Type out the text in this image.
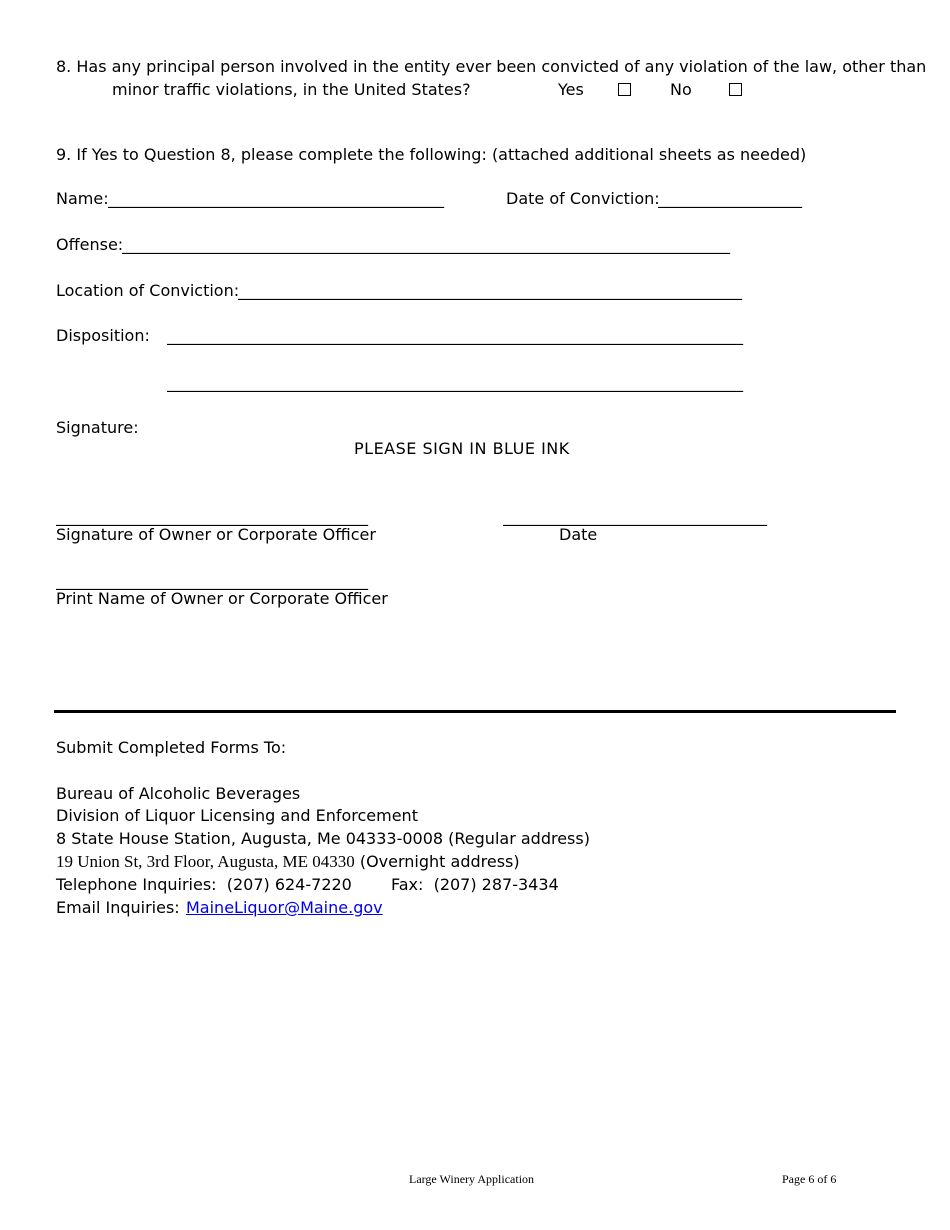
8. Has any principal person involved in the entity ever been convicted of any violation of the law, other than
minor traffic violations, in the United States?	Yes	No
9. If Yes to Question 8, please complete the following: (attached additional sheets as needed)
Name: __________________________________________	Date of Conviction:
__________________
Offense:
____________________________________________________________________________
Location of Conviction:
_______________________________________________________________
Disposition: ________________________________________________________________________
________________________________________________________________________
Signature:
PLEASE SIGN IN BLUE INK
_______________________________________	_________________________________
Signature of Owner or Corporate Officer	Date
_______________________________________
Print Name of Owner or Corporate Officer
Submit Completed Forms To:
Bureau of Alcoholic Beverages
Division of Liquor Licensing and Enforcement
8 State House Station, Augusta, Me 04333-0008 (Regular address)
19 Union St, 3rd Floor, Augusta, ME 04330 (Overnight address)
Telephone Inquiries:  (207) 624-7220 Fax:  (207) 287-3434
Email Inquiries: MaineLiquor@Maine.gov
Large Winery Application	Page 6 of 6
